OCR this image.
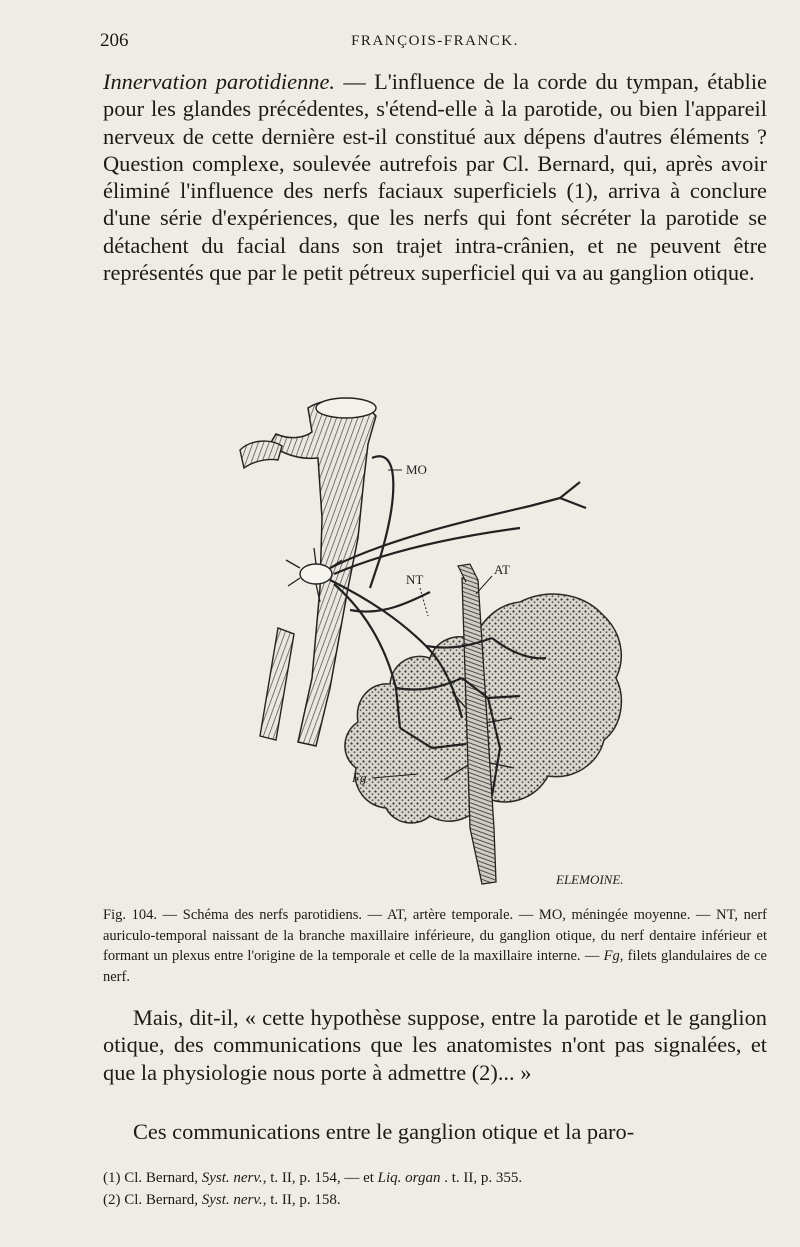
206	FRANÇOIS-FRANCK.

Innervation parotidienne. — L'influence de la corde du tympan, établie pour les glandes précédentes, s'étend-elle à la parotide, ou bien l'appareil nerveux de cette dernière est-il constitué aux dépens d'autres éléments ? Question complexe, soulevée autrefois par Cl. Bernard, qui, après avoir éliminé l'influence des nerfs faciaux superficiels (1), arriva à conclure d'une série d'expériences, que les nerfs qui font sécréter la parotide se détachent du facial dans son trajet intra-crânien, et ne peuvent être représentés que par le petit pétreux superficiel qui va au ganglion otique.

MO
NT
AT
Fg
ELEMOINE.

Fig. 104. — Schéma des nerfs parotidiens. — AT, artère temporale. — MO, méningée moyenne. — NT, nerf auriculo-temporal naissant de la branche maxillaire inférieure, du ganglion otique, du nerf dentaire inférieur et formant un plexus entre l'origine de la temporale et celle de la maxillaire interne. — Fg, filets glandulaires de ce nerf.

Mais, dit-il, « cette hypothèse suppose, entre la parotide et le ganglion otique, des communications que les anatomistes n'ont pas signalées, et que la physiologie nous porte à admettre (2)... »

Ces communications entre le ganglion otique et la paro-

(1) Cl. Bernard, Syst. nerv., t. II, p. 154, — et Liq. organ . t. II, p. 355.
(2) Cl. Bernard, Syst. nerv., t. II, p. 158.
